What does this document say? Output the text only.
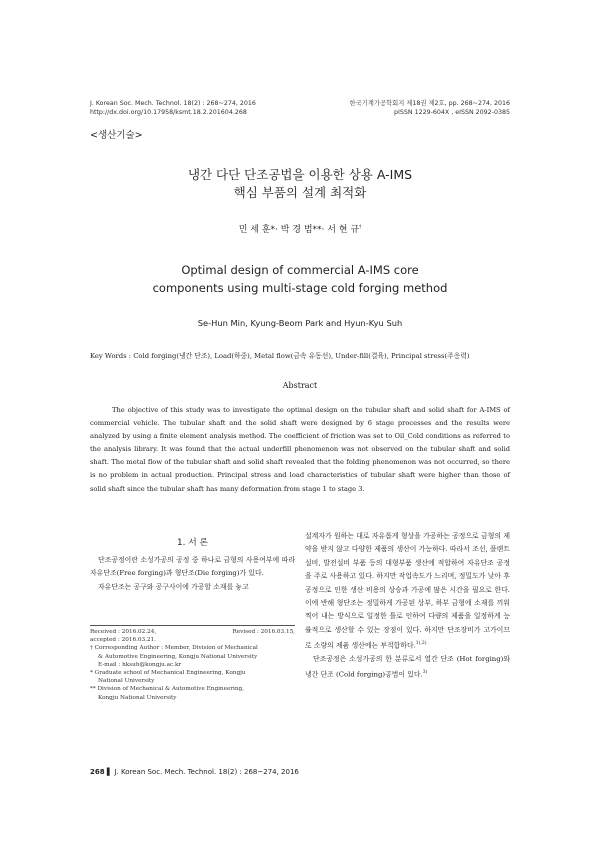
J. Korean Soc. Mech. Technol. 18(2) : 268~274, 2016
http://dx.doi.org/10.17958/ksmt.18.2.201604.268
한국기계가공학회지 제18권 제2호, pp. 268~274, 2016
pISSN 1229-604X , eISSN 2092-0385
<생산기술>
냉간 다단 단조공법을 이용한 상용 A-IMS
핵심 부품의 설계 최적화
민 세 훈*· 박 경 범**· 서 현 규†
Optimal design of commercial A-IMS core
components using multi-stage cold forging method
Se-Hun Min, Kyung-Beom Park and Hyun-Kyu Suh
Key Words : Cold forging(냉간 단조), Load(하중), Metal flow(금속 유동선), Under-fill(결육), Principal stress(주응력)
Abstract
The objective of this study was to investigate the optimal design on the tubular shaft and solid shaft for A-IMS of commercial vehicle. The tubular shaft and the solid shaft were designed by 6 stage processes and the results were analyzed by using a finite element analysis method. The coefficient of friction was set to Oil_Cold conditions as referred to the analysis library. It was found that the actual underfill phenomenon was not observed on the tubular shaft and solid shaft. The metal flow of the tubular shaft and solid shaft revealed that the folding phenomenon was not occurred, so there is no problem in actual production. Principal stress and load characteristics of tubular shaft were higher than those of solid shaft since the tubular shaft has many deformation from stage 1 to stage 3.
1. 서 론

단조공정이란 소성가공의 공정 중 하나로 금형의 사용여부에 따라 자유단조(Free forging)과 형단조(Die forging)가 있다.

자유단조는 공구와 공구사이에 가공할 소재를 놓고

Received : 2016.02.24,	Revised : 2016.03.15,

accepted : 2016.03.21.

† Corresponding Author : Member, Division of Mechanical

& Automotive Engineering, Kongju National University

E-mail : hksuh@kongju.ac.kr

* Graduate school of Mechanical Engineering, Kongju

National University

** Division of Mechanical & Automotive Engineering,

Kongju National University

설계자가 원하는 대로 자유롭게 형상을 가공하는 공정으로 금형의 제약을 받지 않고 다양한 제품의 생산이 가능하다. 따라서 조선, 플랜트 설비, 발전설비 부품 등의 대형부품 생산에 적합하여 자유단조 공정을 주로 사용하고 있다. 하지만 작업속도가 느리며, 정밀도가 낮아 후공정으로 인한 생산 비용의 상승과 가공에 많은 시간을 필요로 한다. 이에 반해 형단조는 정밀하게 가공된 상부, 하부 금형에 소재를 끼워 찍어 내는 방식으로 일정한 틀로 인하여 다량의 제품을 일정하게 능률적으로 생산할 수 있는 장점이 있다. 하지만 단조장비가 고가이므로 소량의 제품 생산에는 부적합하다.$^{1),2)}$

단조공정은 소성가공의 한 분류로서 열간 단조 (Hot forging)와 냉간 단조 (Cold forging)공법이 있다.$^{3)}$

268 ▌ J. Korean Soc. Mech. Technol. 18(2) : 268~274, 2016
